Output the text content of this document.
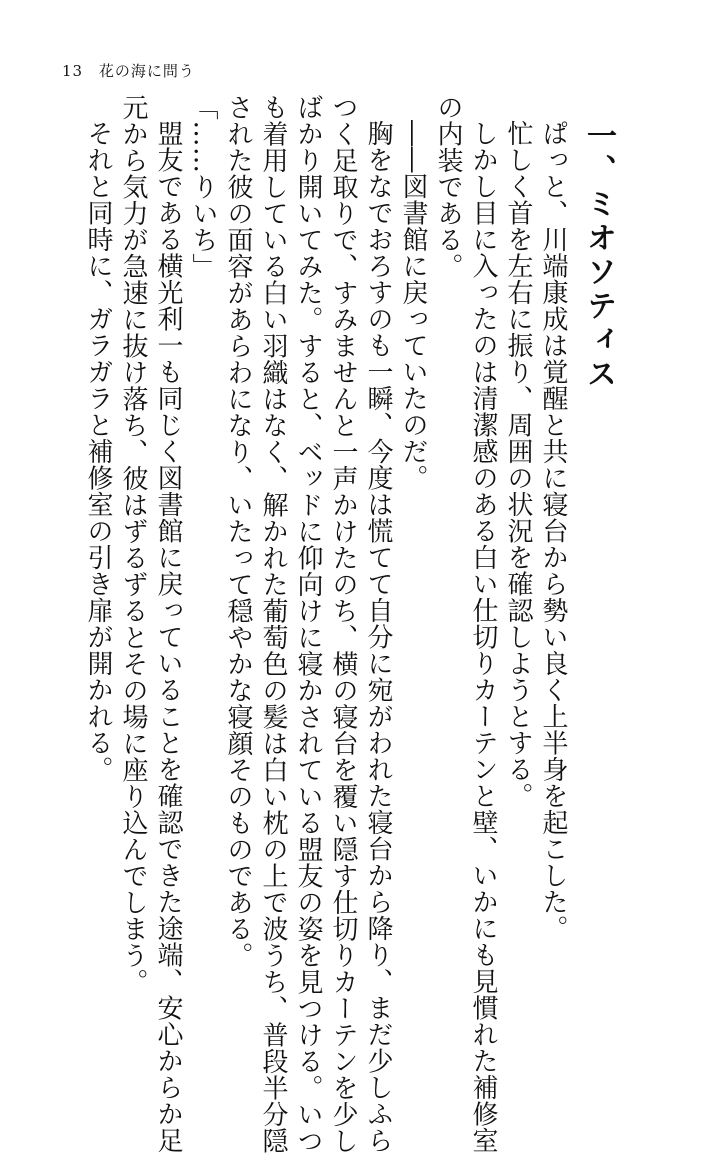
13 花の海に問う
一、ミオソティス
ぱっと、川端康成は覚醒と共に寝台から勢い良く上半身を起こした。
忙しく首を左右に振り、周囲の状況を確認しようとする。
しかし目に入ったのは清潔感のある白い仕切りカーテンと壁、いかにも見慣れた補修室
の内装である。
――図書館に戻っていたのだ。
胸をなでおろすのも一瞬、今度は慌てて自分に宛がわれた寝台から降り、まだ少しふら
つく足取りで、すみませんと一声かけたのち、横の寝台を覆い隠す仕切りカーテンを少し
ばかり開いてみた。すると、ベッドに仰向けに寝かされている盟友の姿を見つける。いつ
も着用している白い羽織はなく、解かれた葡萄色の髪は白い枕の上で波うち、普段半分隠
された彼の面容があらわになり、いたって穏やかな寝顔そのものである。
「……りいち」
盟友である横光利一も同じく図書館に戻っていることを確認できた途端、安心からか足
元から気力が急速に抜け落ち、彼はずるずるとその場に座り込んでしまう。
それと同時に、ガラガラと補修室の引き扉が開かれる。
